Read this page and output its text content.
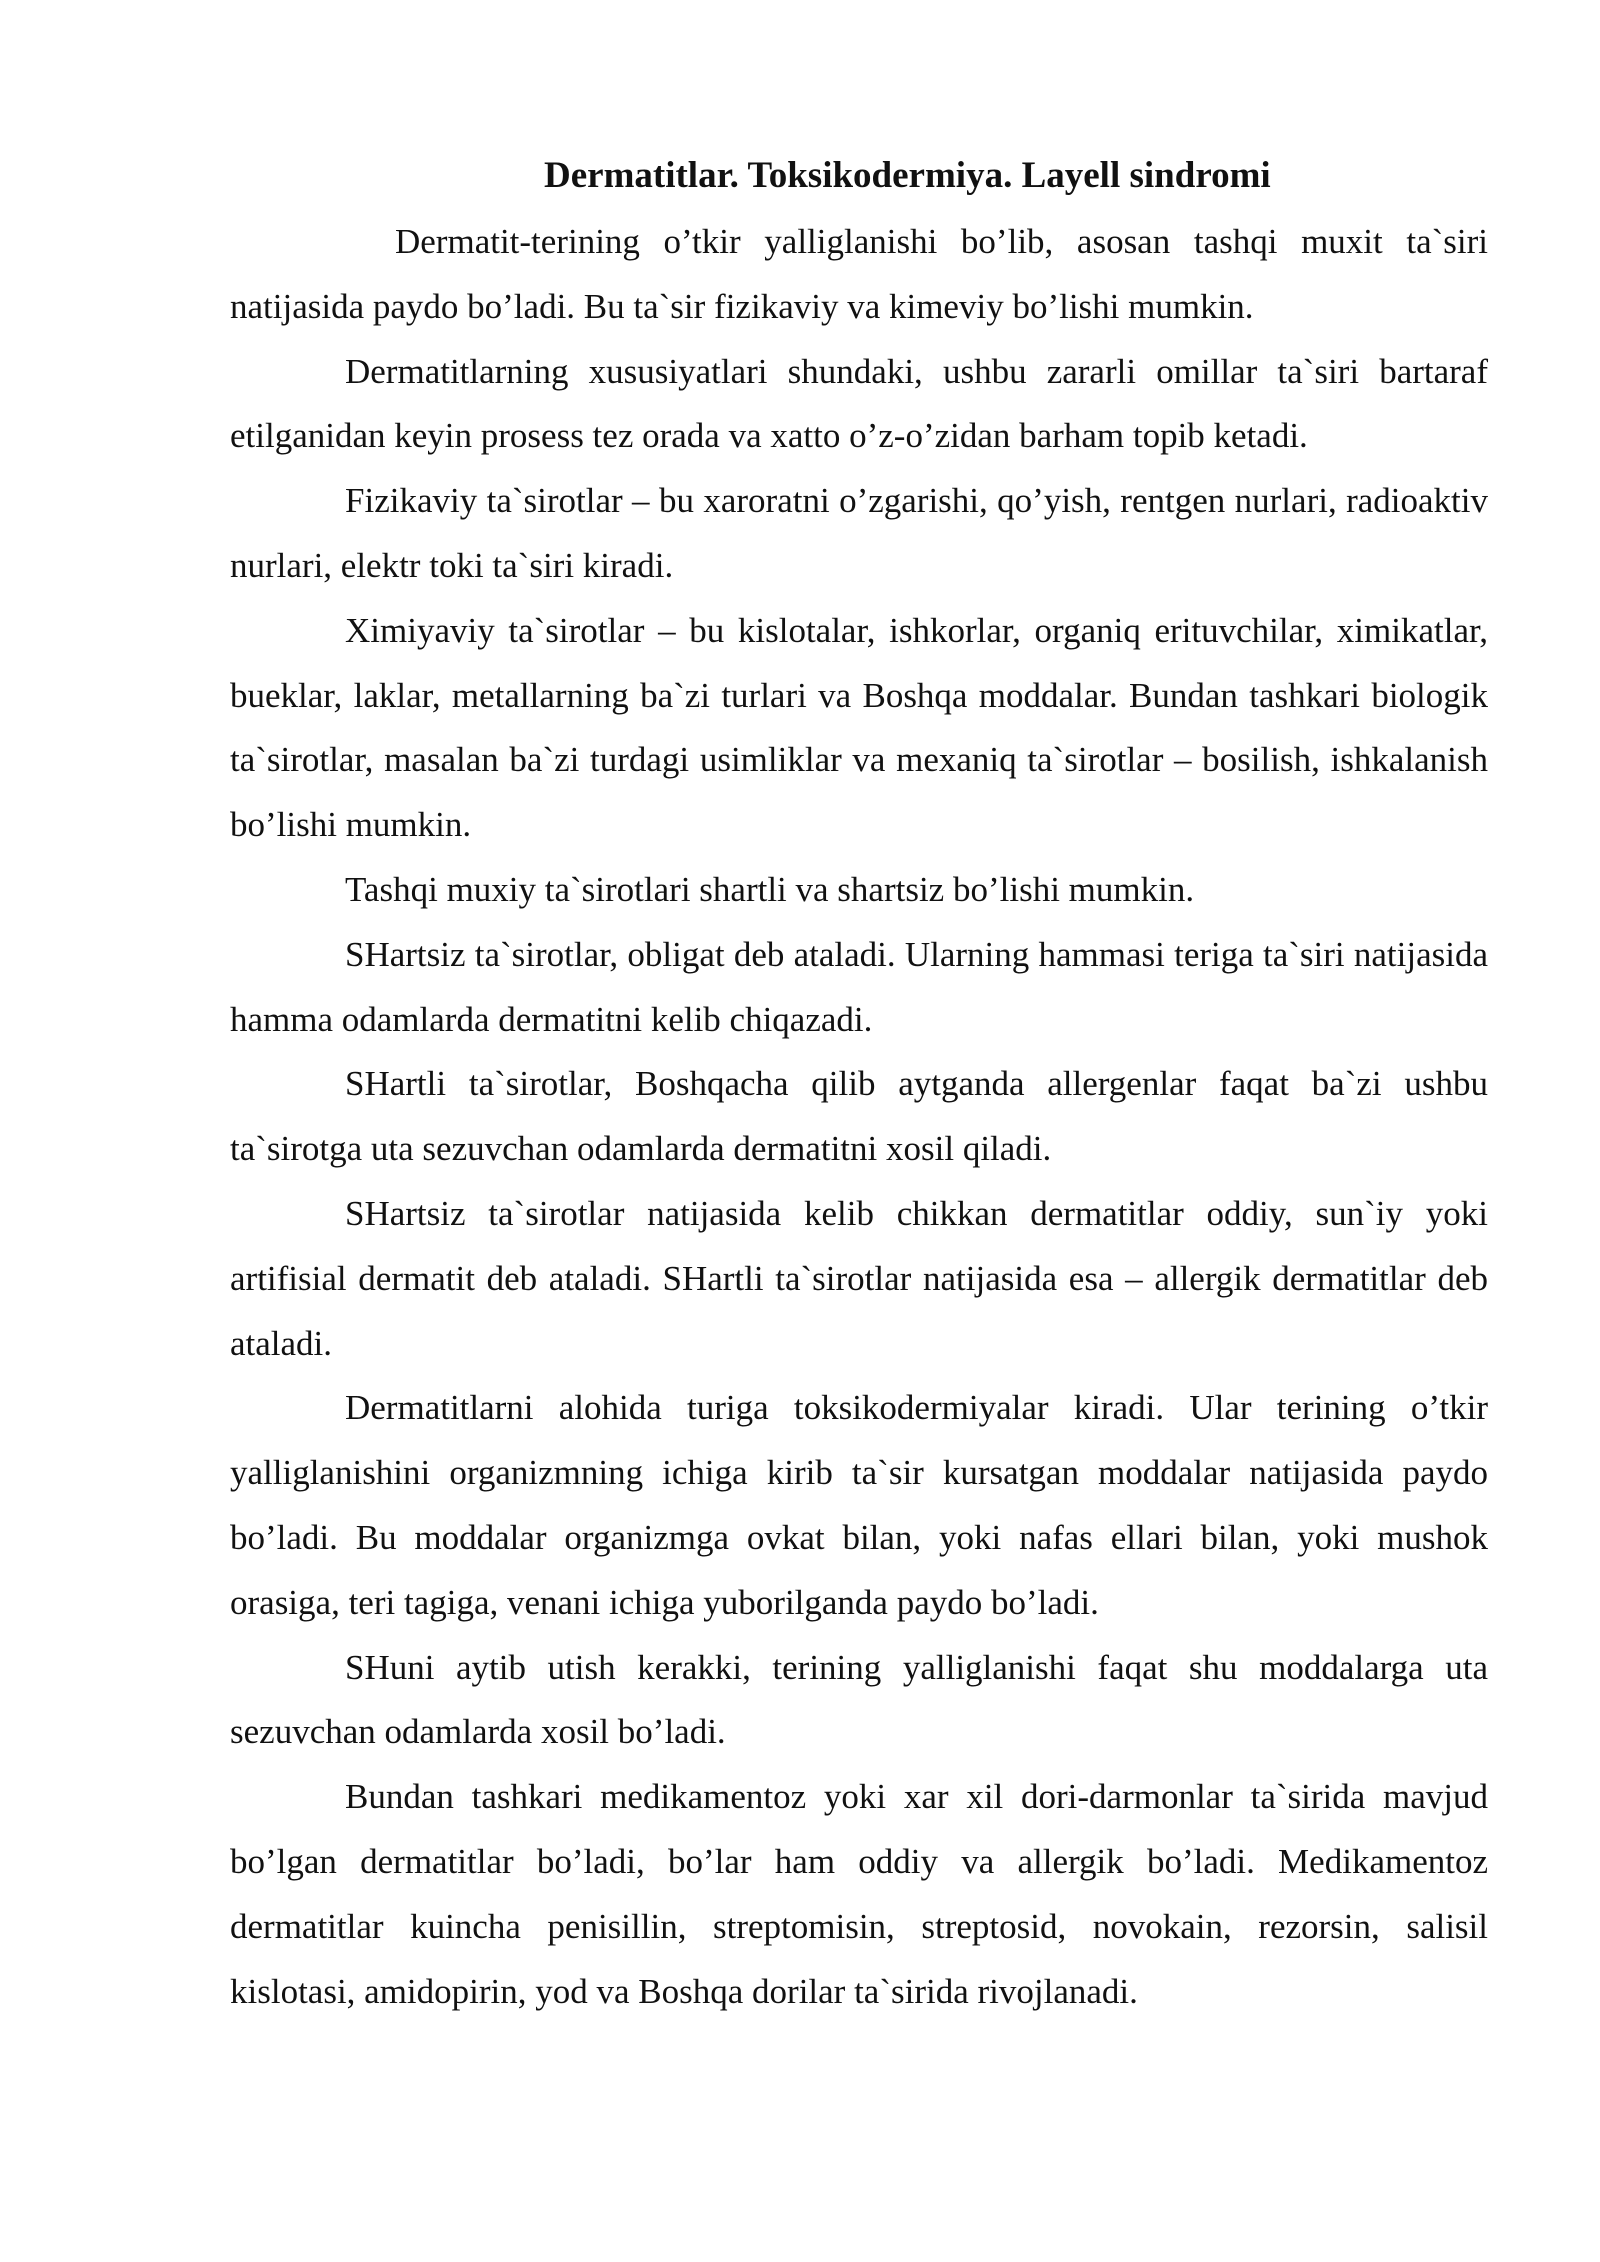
Dermatitlar. Toksikodermiya. Layell sindromi

Dermatit-terining o’tkir yalliglanishi bo’lib, asosan tashqi muxit ta`siri natijasida paydo bo’ladi. Bu ta`sir fizikaviy va kimeviy bo’lishi mumkin.

Dermatitlarning xususiyatlari shundaki, ushbu zararli omillar ta`siri bartaraf etilganidan keyin prosess tez orada va xatto o’z-o’zidan barham topib ketadi.

Fizikaviy ta`sirotlar – bu xaroratni o’zgarishi, qo’yish, rentgen nurlari, radioaktiv nurlari, elektr toki ta`siri kiradi.

Ximiyaviy ta`sirotlar – bu kislotalar, ishkorlar, organiq erituvchilar, ximikatlar, bueklar, laklar, metallarning ba`zi turlari va Boshqa moddalar. Bundan tashkari biologik ta`sirotlar, masalan ba`zi turdagi usimliklar va mexaniq ta`sirotlar – bosilish, ishkalanish bo’lishi mumkin.

Tashqi muxiy ta`sirotlari shartli va shartsiz bo’lishi mumkin.

SHartsiz ta`sirotlar, obligat deb ataladi. Ularning hammasi teriga ta`siri natijasida hamma odamlarda dermatitni kelib chiqazadi.

SHartli ta`sirotlar, Boshqacha qilib aytganda allergenlar faqat ba`zi ushbu ta`sirotga uta sezuvchan odamlarda dermatitni xosil qiladi.

SHartsiz ta`sirotlar natijasida kelib chikkan dermatitlar oddiy, sun`iy yoki artifisial dermatit deb ataladi. SHartli ta`sirotlar natijasida esa – allergik dermatitlar deb ataladi.

Dermatitlarni alohida turiga toksikodermiyalar kiradi. Ular terining o’tkir yalliglanishini organizmning ichiga kirib ta`sir kursatgan moddalar natijasida paydo bo’ladi. Bu moddalar organizmga ovkat bilan, yoki nafas ellari bilan, yoki mushok orasiga, teri tagiga, venani ichiga yuborilganda paydo bo’ladi.

SHuni aytib utish kerakki, terining yalliglanishi faqat shu moddalarga uta sezuvchan odamlarda xosil bo’ladi.

Bundan tashkari medikamentoz yoki xar xil dori-darmonlar ta`sirida mavjud bo’lgan dermatitlar bo’ladi, bo’lar ham oddiy va allergik bo’ladi. Medikamentoz dermatitlar kuincha penisillin, streptomisin, streptosid, novokain, rezorsin, salisil kislotasi, amidopirin, yod va Boshqa dorilar ta`sirida rivojlanadi.
